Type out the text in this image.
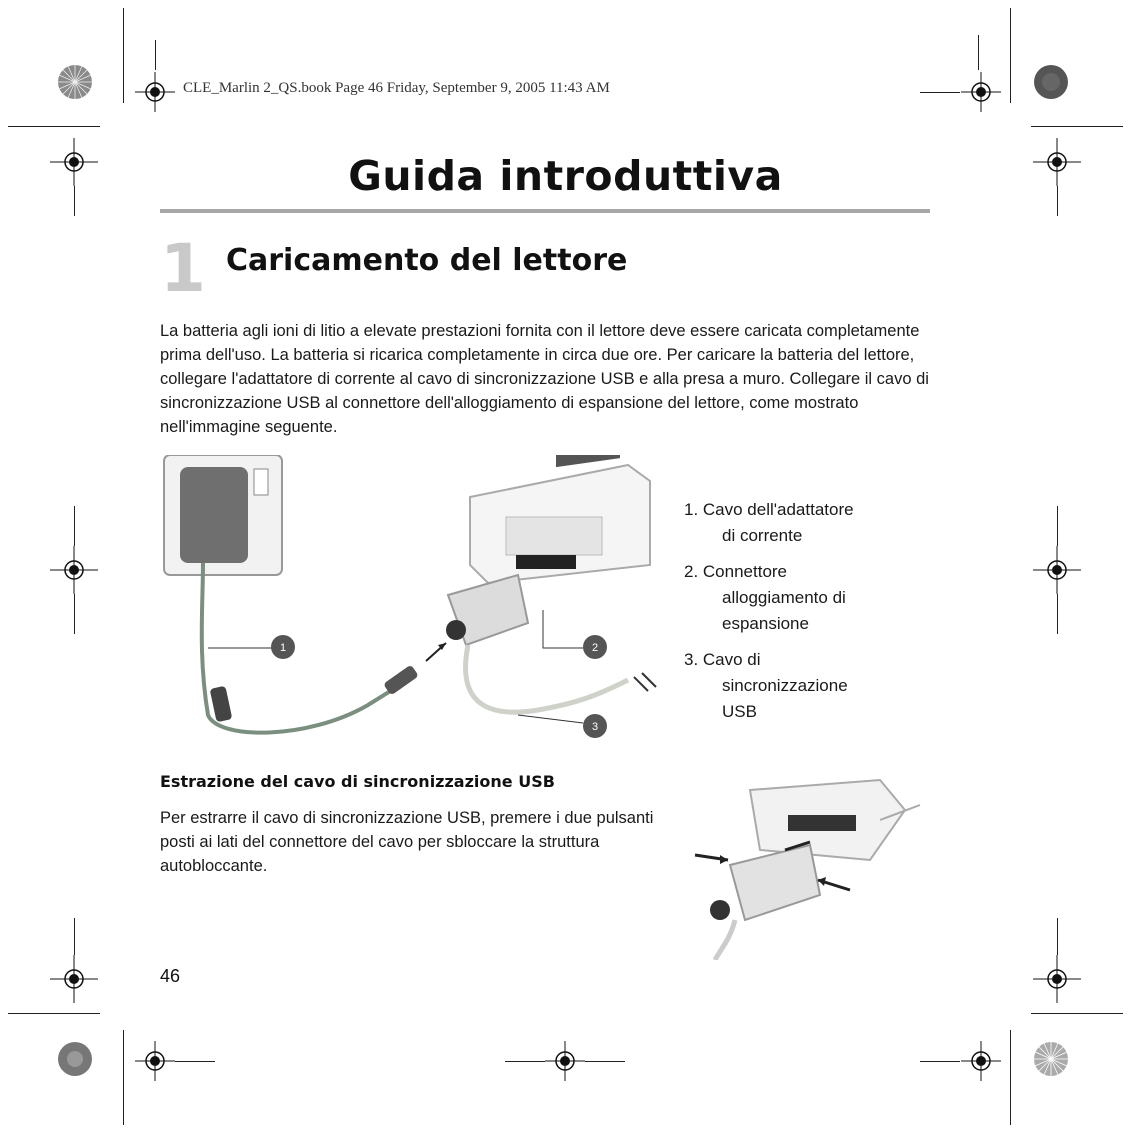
CLE_Marlin 2_QS.book Page 46 Friday, September 9, 2005 11:43 AM
Guida introduttiva
1 Caricamento del lettore

La batteria agli ioni di litio a elevate prestazioni fornita con il lettore deve essere caricata completamente prima dell'uso. La batteria si ricarica completamente in circa due ore. Per caricare la batteria del lettore, collegare l'adattatore di corrente al cavo di sincronizzazione USB e alla presa a muro. Collegare il cavo di sincronizzazione USB al connettore dell'alloggiamento di espansione del lettore, come mostrato nell'immagine seguente.

1	2
3
1. Cavo dell'adattatore
di corrente
2. Connettore
alloggiamento di
espansione
3. Cavo di
sincronizzazione
USB
Estrazione del cavo di sincronizzazione USB

Per estrarre il cavo di sincronizzazione USB, premere i due pulsanti posti ai lati del connettore del cavo per sbloccare la struttura autobloccante.

46
